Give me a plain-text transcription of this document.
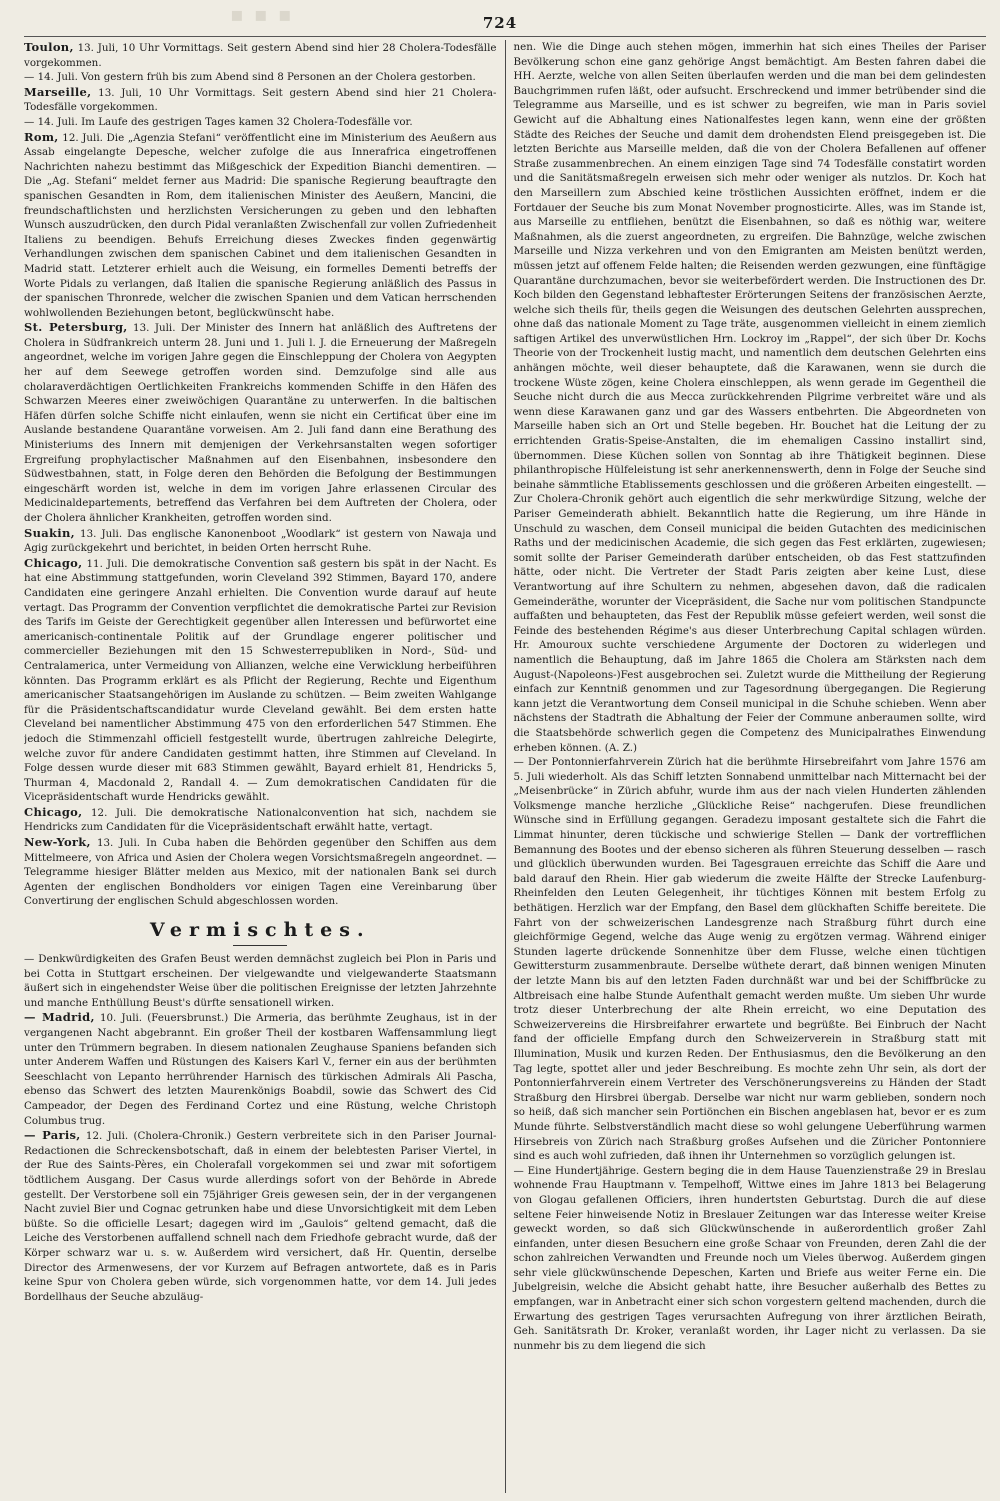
▪ ▪ ▪	724

Toulon, 13. Juli, 10 Uhr Vormittags. Seit gestern Abend sind hier 28 Cholera-Todesfälle vorgekommen.

— 14. Juli. Von gestern früh bis zum Abend sind 8 Personen an der Cholera gestorben.

Marseille, 13. Juli, 10 Uhr Vormittags. Seit gestern Abend sind hier 21 Cholera-Todesfälle vorgekommen.

— 14. Juli. Im Laufe des gestrigen Tages kamen 32 Cholera-Todesfälle vor.

Rom, 12. Juli. Die „Agenzia Stefani“ veröffentlicht eine im Ministerium des Aeußern aus Assab eingelangte Depesche, welcher zufolge die aus Innerafrica eingetroffenen Nachrichten nahezu bestimmt das Mißgeschick der Expedition Bianchi dementiren. — Die „Ag. Stefani“ meldet ferner aus Madrid: Die spanische Regierung beauftragte den spanischen Gesandten in Rom, dem italienischen Minister des Aeußern, Mancini, die freundschaftlichsten und herzlichsten Versicherungen zu geben und den lebhaften Wunsch auszudrücken, den durch Pidal veranlaßten Zwischenfall zur vollen Zufriedenheit Italiens zu beendigen. Behufs Erreichung dieses Zweckes finden gegenwärtig Verhandlungen zwischen dem spanischen Cabinet und dem italienischen Gesandten in Madrid statt. Letzterer erhielt auch die Weisung, ein formelles Dementi betreffs der Worte Pidals zu verlangen, daß Italien die spanische Regierung anläßlich des Passus in der spanischen Thronrede, welcher die zwischen Spanien und dem Vatican herrschenden wohlwollenden Beziehungen betont, beglückwünscht habe.

St. Petersburg, 13. Juli. Der Minister des Innern hat anläßlich des Auftretens der Cholera in Südfrankreich unterm 28. Juni und 1. Juli l. J. die Erneuerung der Maßregeln angeordnet, welche im vorigen Jahre gegen die Einschleppung der Cholera von Aegypten her auf dem Seewege getroffen worden sind. Demzufolge sind alle aus cholaraverdächtigen Oertlichkeiten Frankreichs kommenden Schiffe in den Häfen des Schwarzen Meeres einer zweiwöchigen Quarantäne zu unterwerfen. In die baltischen Häfen dürfen solche Schiffe nicht einlaufen, wenn sie nicht ein Certificat über eine im Auslande bestandene Quarantäne vorweisen. Am 2. Juli fand dann eine Berathung des Ministeriums des Innern mit demjenigen der Verkehrsanstalten wegen sofortiger Ergreifung prophylactischer Maßnahmen auf den Eisenbahnen, insbesondere den Südwestbahnen, statt, in Folge deren den Behörden die Befolgung der Bestimmungen eingeschärft worden ist, welche in dem im vorigen Jahre erlassenen Circular des Medicinaldepartements, betreffend das Verfahren bei dem Auftreten der Cholera, oder der Cholera ähnlicher Krankheiten, getroffen worden sind.

Suakin, 13. Juli. Das englische Kanonenboot „Woodlark“ ist gestern von Nawaja und Agig zurückgekehrt und berichtet, in beiden Orten herrscht Ruhe.

Chicago, 11. Juli. Die demokratische Convention saß gestern bis spät in der Nacht. Es hat eine Abstimmung stattgefunden, worin Cleveland 392 Stimmen, Bayard 170, andere Candidaten eine geringere Anzahl erhielten. Die Convention wurde darauf auf heute vertagt. Das Programm der Convention verpflichtet die demokratische Partei zur Revision des Tarifs im Geiste der Gerechtigkeit gegenüber allen Interessen und befürwortet eine americanisch-continentale Politik auf der Grundlage engerer politischer und commercieller Beziehungen mit den 15 Schwesterrepubliken in Nord-, Süd- und Centralamerica, unter Vermeidung von Allianzen, welche eine Verwicklung herbeiführen könnten. Das Programm erklärt es als Pflicht der Regierung, Rechte und Eigenthum americanischer Staatsangehörigen im Auslande zu schützen. — Beim zweiten Wahlgange für die Präsidentschaftscandidatur wurde Cleveland gewählt. Bei dem ersten hatte Cleveland bei namentlicher Abstimmung 475 von den erforderlichen 547 Stimmen. Ehe jedoch die Stimmenzahl officiell festgestellt wurde, übertrugen zahlreiche Delegirte, welche zuvor für andere Candidaten gestimmt hatten, ihre Stimmen auf Cleveland. In Folge dessen wurde dieser mit 683 Stimmen gewählt, Bayard erhielt 81, Hendricks 5, Thurman 4, Macdonald 2, Randall 4. — Zum demokratischen Candidaten für die Vicepräsidentschaft wurde Hendricks gewählt.

Chicago, 12. Juli. Die demokratische Nationalconvention hat sich, nachdem sie Hendricks zum Candidaten für die Vicepräsidentschaft erwählt hatte, vertagt.

New-York, 13. Juli. In Cuba haben die Behörden gegenüber den Schiffen aus dem Mittelmeere, von Africa und Asien der Cholera wegen Vorsichtsmaßregeln angeordnet. — Telegramme hiesiger Blätter melden aus Mexico, mit der nationalen Bank sei durch Agenten der englischen Bondholders vor einigen Tagen eine Vereinbarung über Convertirung der englischen Schuld abgeschlossen worden.

Vermischtes.

— Denkwürdigkeiten des Grafen Beust werden demnächst zugleich bei Plon in Paris und bei Cotta in Stuttgart erscheinen. Der vielgewandte und vielgewanderte Staatsmann äußert sich in eingehendster Weise über die politischen Ereignisse der letzten Jahrzehnte und manche Enthüllung Beust's dürfte sensationell wirken.

— Madrid, 10. Juli. (Feuersbrunst.) Die Armeria, das berühmte Zeughaus, ist in der vergangenen Nacht abgebrannt. Ein großer Theil der kostbaren Waffensammlung liegt unter den Trümmern begraben. In diesem nationalen Zeughause Spaniens befanden sich unter Anderem Waffen und Rüstungen des Kaisers Karl V., ferner ein aus der berühmten Seeschlacht von Lepanto herrührender Harnisch des türkischen Admirals Ali Pascha, ebenso das Schwert des letzten Maurenkönigs Boabdil, sowie das Schwert des Cid Campeador, der Degen des Ferdinand Cortez und eine Rüstung, welche Christoph Columbus trug.

— Paris, 12. Juli. (Cholera-Chronik.) Gestern verbreitete sich in den Pariser Journal-Redactionen die Schreckensbotschaft, daß in einem der belebtesten Pariser Viertel, in der Rue des Saints-Pères, ein Cholerafall vorgekommen sei und zwar mit sofortigem tödtlichem Ausgang. Der Casus wurde allerdings sofort von der Behörde in Abrede gestellt. Der Verstorbene soll ein 75jähriger Greis gewesen sein, der in der vergangenen Nacht zuviel Bier und Cognac getrunken habe und diese Unvorsichtigkeit mit dem Leben büßte. So die officielle Lesart; dagegen wird im „Gaulois“ geltend gemacht, daß die Leiche des Verstorbenen auffallend schnell nach dem Friedhofe gebracht wurde, daß der Körper schwarz war u. s. w. Außerdem wird versichert, daß Hr. Quentin, derselbe Director des Armenwesens, der vor Kurzem auf Befragen antwortete, daß es in Paris keine Spur von Cholera geben würde, sich vorgenommen hatte, vor dem 14. Juli jedes Bordellhaus der Seuche abzuläug-

nen. Wie die Dinge auch stehen mögen, immerhin hat sich eines Theiles der Pariser Bevölkerung schon eine ganz gehörige Angst bemächtigt. Am Besten fahren dabei die HH. Aerzte, welche von allen Seiten überlaufen werden und die man bei dem gelindesten Bauchgrimmen rufen läßt, oder aufsucht. Erschreckend und immer betrübender sind die Telegramme aus Marseille, und es ist schwer zu begreifen, wie man in Paris soviel Gewicht auf die Abhaltung eines Nationalfestes legen kann, wenn eine der größten Städte des Reiches der Seuche und damit dem drohendsten Elend preisgegeben ist. Die letzten Berichte aus Marseille melden, daß die von der Cholera Befallenen auf offener Straße zusammenbrechen. An einem einzigen Tage sind 74 Todesfälle constatirt worden und die Sanitätsmaßregeln erweisen sich mehr oder weniger als nutzlos. Dr. Koch hat den Marseillern zum Abschied keine tröstlichen Aussichten eröffnet, indem er die Fortdauer der Seuche bis zum Monat November prognosticirte. Alles, was im Stande ist, aus Marseille zu entfliehen, benützt die Eisenbahnen, so daß es nöthig war, weitere Maßnahmen, als die zuerst angeordneten, zu ergreifen. Die Bahnzüge, welche zwischen Marseille und Nizza verkehren und von den Emigranten am Meisten benützt werden, müssen jetzt auf offenem Felde halten; die Reisenden werden gezwungen, eine fünftägige Quarantäne durchzumachen, bevor sie weiterbefördert werden. Die Instructionen des Dr. Koch bilden den Gegenstand lebhaftester Erörterungen Seitens der französischen Aerzte, welche sich theils für, theils gegen die Weisungen des deutschen Gelehrten aussprechen, ohne daß das nationale Moment zu Tage träte, ausgenommen vielleicht in einem ziemlich saftigen Artikel des unverwüstlichen Hrn. Lockroy im „Rappel“, der sich über Dr. Kochs Theorie von der Trockenheit lustig macht, und namentlich dem deutschen Gelehrten eins anhängen möchte, weil dieser behauptete, daß die Karawanen, wenn sie durch die trockene Wüste zögen, keine Cholera einschleppen, als wenn gerade im Gegentheil die Seuche nicht durch die aus Mecca zurückkehrenden Pilgrime verbreitet wäre und als wenn diese Karawanen ganz und gar des Wassers entbehrten. Die Abgeordneten von Marseille haben sich an Ort und Stelle begeben. Hr. Bouchet hat die Leitung der zu errichtenden Gratis-Speise-Anstalten, die im ehemaligen Cassino installirt sind, übernommen. Diese Küchen sollen von Sonntag ab ihre Thätigkeit beginnen. Diese philanthropische Hülfeleistung ist sehr anerkennenswerth, denn in Folge der Seuche sind beinahe sämmtliche Etablissements geschlossen und die größeren Arbeiten eingestellt. — Zur Cholera-Chronik gehört auch eigentlich die sehr merkwürdige Sitzung, welche der Pariser Gemeinderath abhielt. Bekanntlich hatte die Regierung, um ihre Hände in Unschuld zu waschen, dem Conseil municipal die beiden Gutachten des medicinischen Raths und der medicinischen Academie, die sich gegen das Fest erklärten, zugewiesen; somit sollte der Pariser Gemeinderath darüber entscheiden, ob das Fest stattzufinden hätte, oder nicht. Die Vertreter der Stadt Paris zeigten aber keine Lust, diese Verantwortung auf ihre Schultern zu nehmen, abgesehen davon, daß die radicalen Gemeinderäthe, worunter der Vicepräsident, die Sache nur vom politischen Standpuncte auffaßten und behaupteten, das Fest der Republik müsse gefeiert werden, weil sonst die Feinde des bestehenden Régime's aus dieser Unterbrechung Capital schlagen würden. Hr. Amouroux suchte verschiedene Argumente der Doctoren zu widerlegen und namentlich die Behauptung, daß im Jahre 1865 die Cholera am Stärksten nach dem August-(Napoleons-)Fest ausgebrochen sei. Zuletzt wurde die Mittheilung der Regierung einfach zur Kenntniß genommen und zur Tagesordnung übergegangen. Die Regierung kann jetzt die Verantwortung dem Conseil municipal in die Schuhe schieben. Wenn aber nächstens der Stadtrath die Abhaltung der Feier der Commune anberaumen sollte, wird die Staatsbehörde schwerlich gegen die Competenz des Municipalrathes Einwendung erheben können. (A. Z.)

— Der Pontonnierfahrverein Zürich hat die berühmte Hirsebreifahrt vom Jahre 1576 am 5. Juli wiederholt. Als das Schiff letzten Sonnabend unmittelbar nach Mitternacht bei der „Meisenbrücke“ in Zürich abfuhr, wurde ihm aus der nach vielen Hunderten zählenden Volksmenge manche herzliche „Glückliche Reise“ nachgerufen. Diese freundlichen Wünsche sind in Erfüllung gegangen. Geradezu imposant gestaltete sich die Fahrt die Limmat hinunter, deren tückische und schwierige Stellen — Dank der vortrefflichen Bemannung des Bootes und der ebenso sicheren als führen Steuerung desselben — rasch und glücklich überwunden wurden. Bei Tagesgrauen erreichte das Schiff die Aare und bald darauf den Rhein. Hier gab wiederum die zweite Hälfte der Strecke Laufenburg-Rheinfelden den Leuten Gelegenheit, ihr tüchtiges Können mit bestem Erfolg zu bethätigen. Herzlich war der Empfang, den Basel dem glückhaften Schiffe bereitete. Die Fahrt von der schweizerischen Landesgrenze nach Straßburg führt durch eine gleichförmige Gegend, welche das Auge wenig zu ergötzen vermag. Während einiger Stunden lagerte drückende Sonnenhitze über dem Flusse, welche einen tüchtigen Gewittersturm zusammenbraute. Derselbe wüthete derart, daß binnen wenigen Minuten der letzte Mann bis auf den letzten Faden durchnäßt war und bei der Schiffbrücke zu Altbreisach eine halbe Stunde Aufenthalt gemacht werden mußte. Um sieben Uhr wurde trotz dieser Unterbrechung der alte Rhein erreicht, wo eine Deputation des Schweizervereins die Hirsbreifahrer erwartete und begrüßte. Bei Einbruch der Nacht fand der officielle Empfang durch den Schweizerverein in Straßburg statt mit Illumination, Musik und kurzen Reden. Der Enthusiasmus, den die Bevölkerung an den Tag legte, spottet aller und jeder Beschreibung. Es mochte zehn Uhr sein, als dort der Pontonnierfahrverein einem Vertreter des Verschönerungsvereins zu Händen der Stadt Straßburg den Hirsbrei übergab. Derselbe war nicht nur warm geblieben, sondern noch so heiß, daß sich mancher sein Portiönchen ein Bischen angeblasen hat, bevor er es zum Munde führte. Selbstverständlich macht diese so wohl gelungene Ueberführung warmen Hirsebreis von Zürich nach Straßburg großes Aufsehen und die Züricher Pontonniere sind es auch wohl zufrieden, daß ihnen ihr Unternehmen so vorzüglich gelungen ist.

— Eine Hundertjährige. Gestern beging die in dem Hause Tauenzienstraße 29 in Breslau wohnende Frau Hauptmann v. Tempelhoff, Wittwe eines im Jahre 1813 bei Belagerung von Glogau gefallenen Officiers, ihren hundertsten Geburtstag. Durch die auf diese seltene Feier hinweisende Notiz in Breslauer Zeitungen war das Interesse weiter Kreise geweckt worden, so daß sich Glückwünschende in außerordentlich großer Zahl einfanden, unter diesen Besuchern eine große Schaar von Freunden, deren Zahl die der schon zahlreichen Verwandten und Freunde noch um Vieles überwog. Außerdem gingen sehr viele glückwünschende Depeschen, Karten und Briefe aus weiter Ferne ein. Die Jubelgreisin, welche die Absicht gehabt hatte, ihre Besucher außerhalb des Bettes zu empfangen, war in Anbetracht einer sich schon vorgestern geltend machenden, durch die Erwartung des gestrigen Tages verursachten Aufregung von ihrer ärztlichen Beirath, Geh. Sanitätsrath Dr. Kroker, veranlaßt worden, ihr Lager nicht zu verlassen. Da sie nunmehr bis zu dem liegend die sich
